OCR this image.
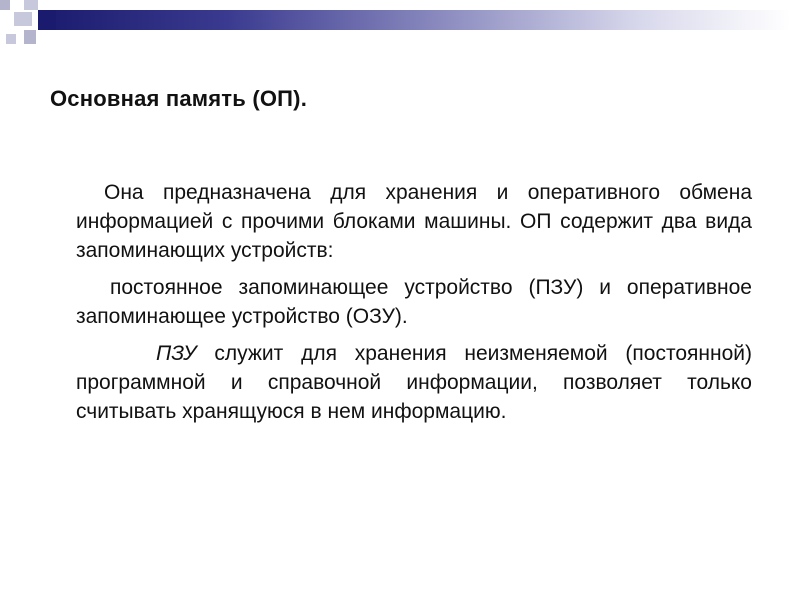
Основная память (ОП).

Она предназначена для хранения и оперативного обмена информацией с прочими блоками машины. ОП содержит два вида запоминающих устройств:

постоянное запоминающее устройство (ПЗУ) и оперативное запоминающее устройство (ОЗУ).

ПЗУ служит для хранения неизменяемой (постоянной) программной и справочной информации, позволяет только считывать хранящуюся в нем информацию.
